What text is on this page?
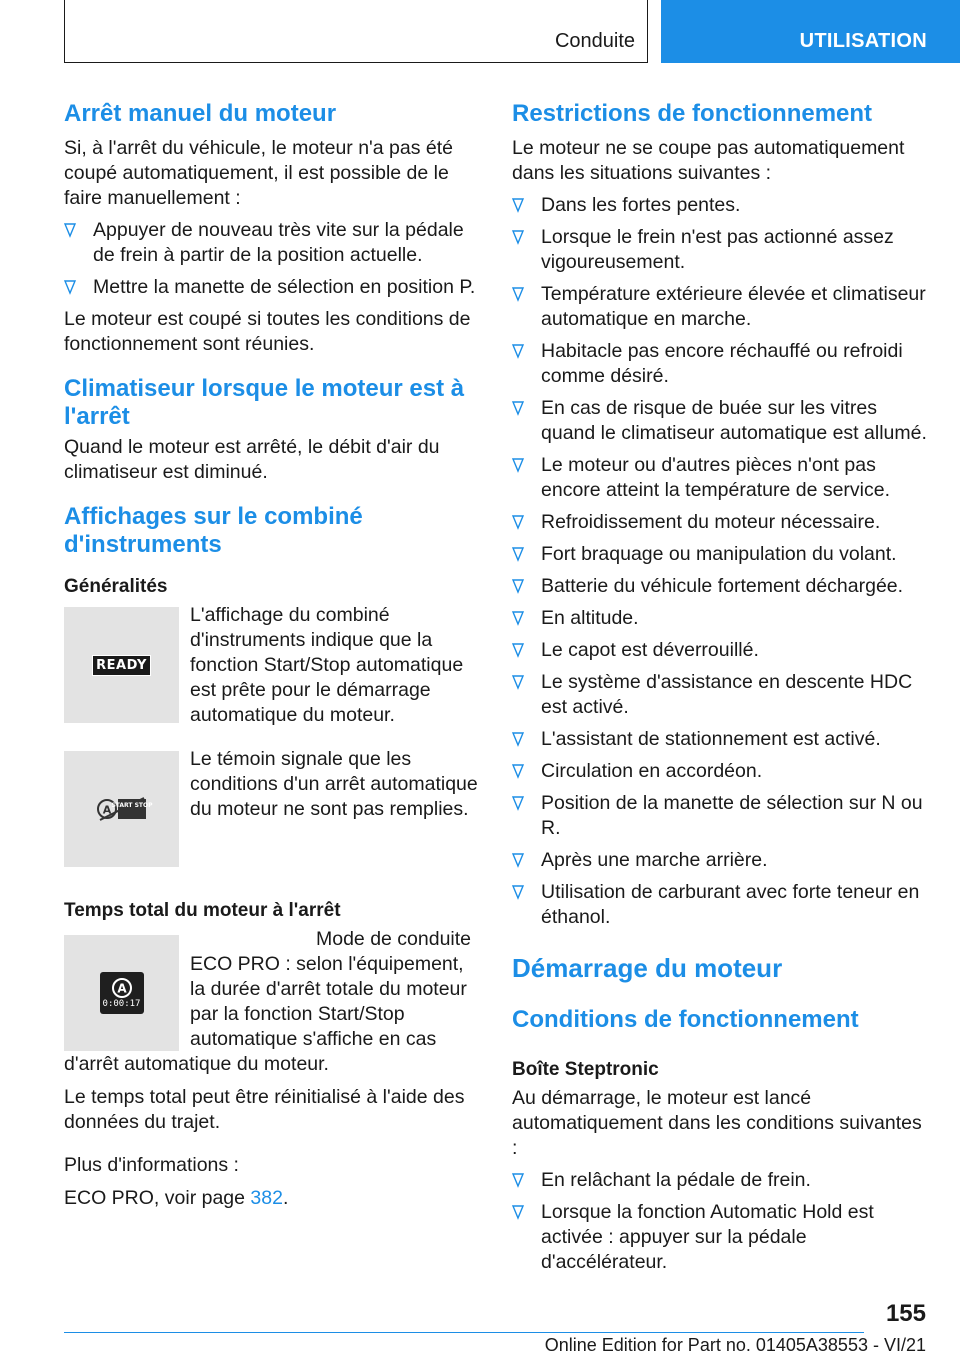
Conduite	UTILISATION
Arrêt manuel du moteur

Si, à l'arrêt du véhicule, le moteur n'a pas été coupé automatiquement, il est possible de le faire manuellement :

Appuyer de nouveau très vite sur la pédale de frein à partir de la position actuelle.
Mettre la manette de sélection en position P.

Le moteur est coupé si toutes les conditions de fonctionnement sont réunies.

Climatiseur lorsque le moteur est à l'arrêt

Quand le moteur est arrêté, le débit d'air du climatiseur est diminué.

Affichages sur le combiné d'instruments
Généralités
READY

L'affichage du combiné d'instruments indique que la fonction Start/Stop automatique est prête pour le démarrage automatique du moteur.

A START STOP

Le témoin signale que les conditions d'un arrêt automatique du moteur ne sont pas remplies.

Temps total du moteur à l'arrêt
A
0:00:17

Mode de conduite ECO PRO : selon l'équipement, la durée d'arrêt totale du moteur par la fonction Start/Stop automatique s'affiche en cas d'arrêt automatique du moteur.

Le temps total peut être réinitialisé à l'aide des données du trajet.

Plus d'informations :

ECO PRO, voir page 382.

Restrictions de fonctionnement

Le moteur ne se coupe pas automatiquement dans les situations suivantes :

Dans les fortes pentes.
Lorsque le frein n'est pas actionné assez vigoureusement.
Température extérieure élevée et climatiseur automatique en marche.
Habitacle pas encore réchauffé ou refroidi comme désiré.
En cas de risque de buée sur les vitres quand le climatiseur automatique est allumé.
Le moteur ou d'autres pièces n'ont pas encore atteint la température de service.
Refroidissement du moteur nécessaire.
Fort braquage ou manipulation du volant.
Batterie du véhicule fortement déchargée.
En altitude.
Le capot est déverrouillé.
Le système d'assistance en descente HDC est activé.
L'assistant de stationnement est activé.
Circulation en accordéon.
Position de la manette de sélection sur N ou R.
Après une marche arrière.
Utilisation de carburant avec forte teneur en éthanol.
Démarrage du moteur
Conditions de fonctionnement
Boîte Steptronic

Au démarrage, le moteur est lancé automatiquement dans les conditions suivantes :

En relâchant la pédale de frein.
Lorsque la fonction Automatic Hold est activée : appuyer sur la pédale d'accélérateur.
155
Online Edition for Part no. 01405A38553 - VI/21
